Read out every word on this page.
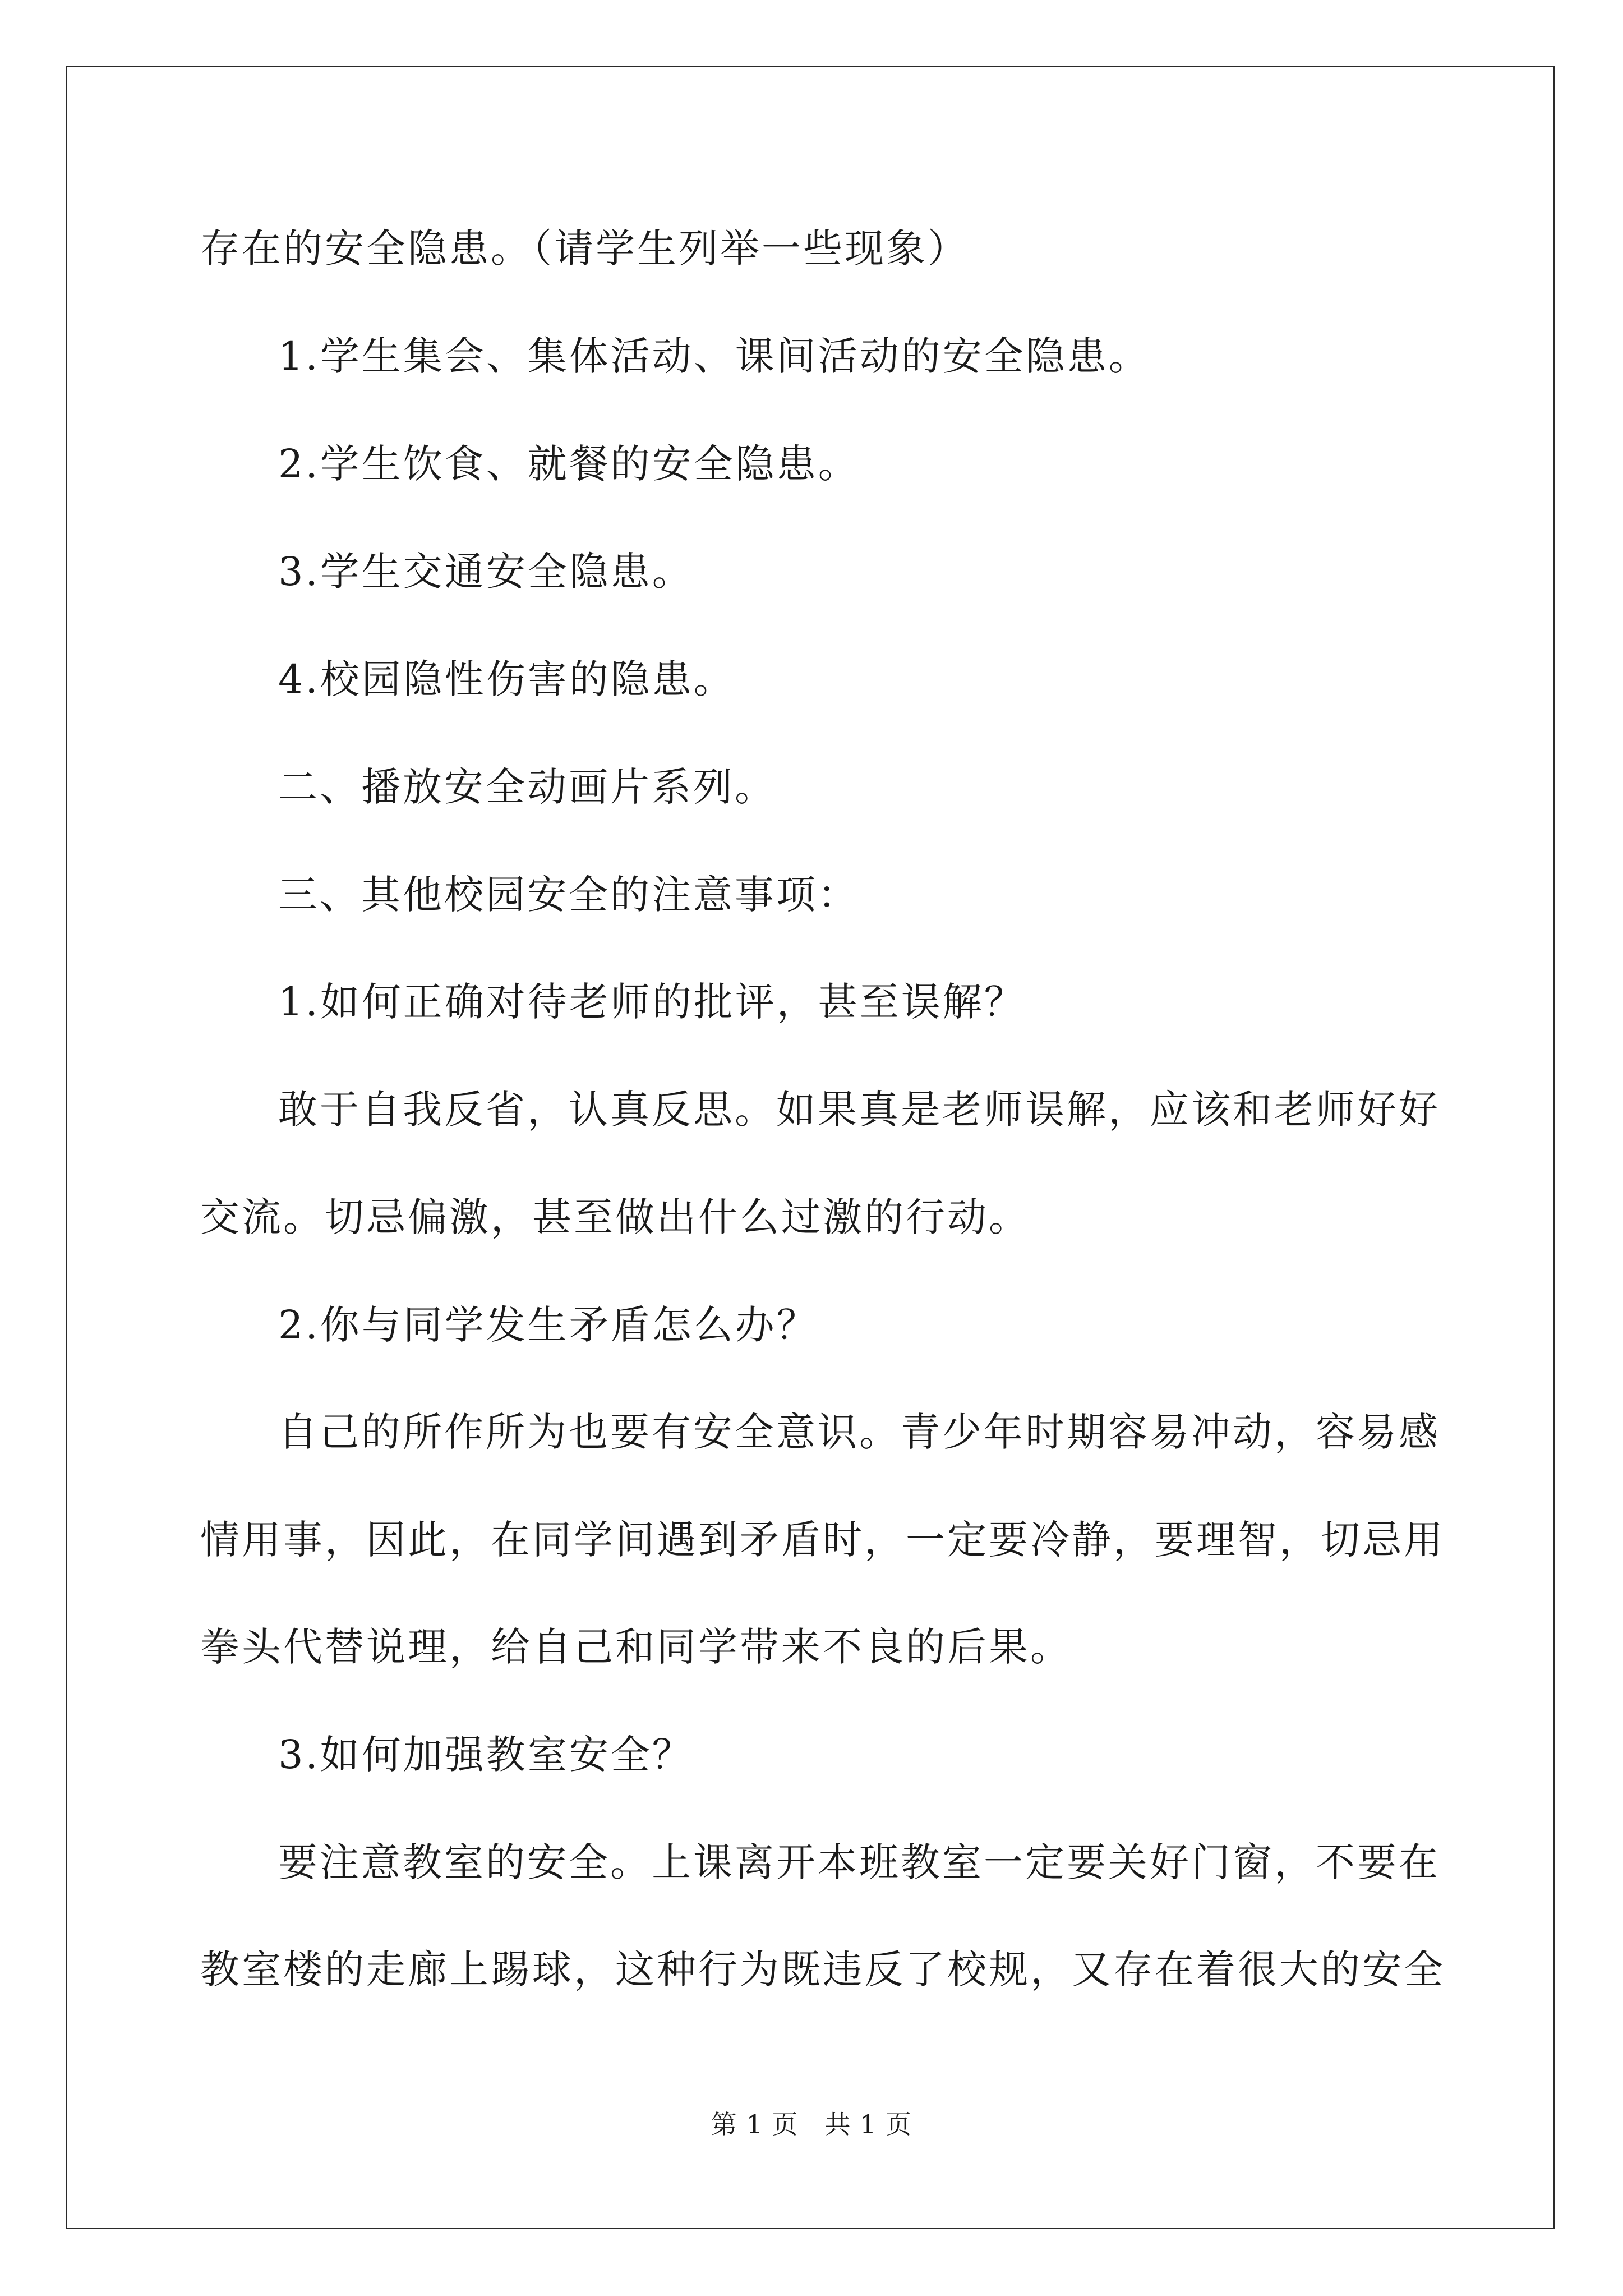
存在的安全隐患。（请学生列举一些现象）
1.学生集会、集体活动、课间活动的安全隐患。
2.学生饮食、就餐的安全隐患。
3.学生交通安全隐患。
4.校园隐性伤害的隐患。
二、播放安全动画片系列。
三、其他校园安全的注意事项：
1.如何正确对待老师的批评，甚至误解？
敢于自我反省，认真反思。如果真是老师误解，应该和老师好好
交流。切忌偏激，甚至做出什么过激的行动。
2.你与同学发生矛盾怎么办？
自己的所作所为也要有安全意识。青少年时期容易冲动，容易感
情用事，因此，在同学间遇到矛盾时，一定要冷静，要理智，切忌用
拳头代替说理，给自己和同学带来不良的后果。
3.如何加强教室安全？
要注意教室的安全。上课离开本班教室一定要关好门窗，不要在
教室楼的走廊上踢球，这种行为既违反了校规，又存在着很大的安全
第 1 页　共 1 页
